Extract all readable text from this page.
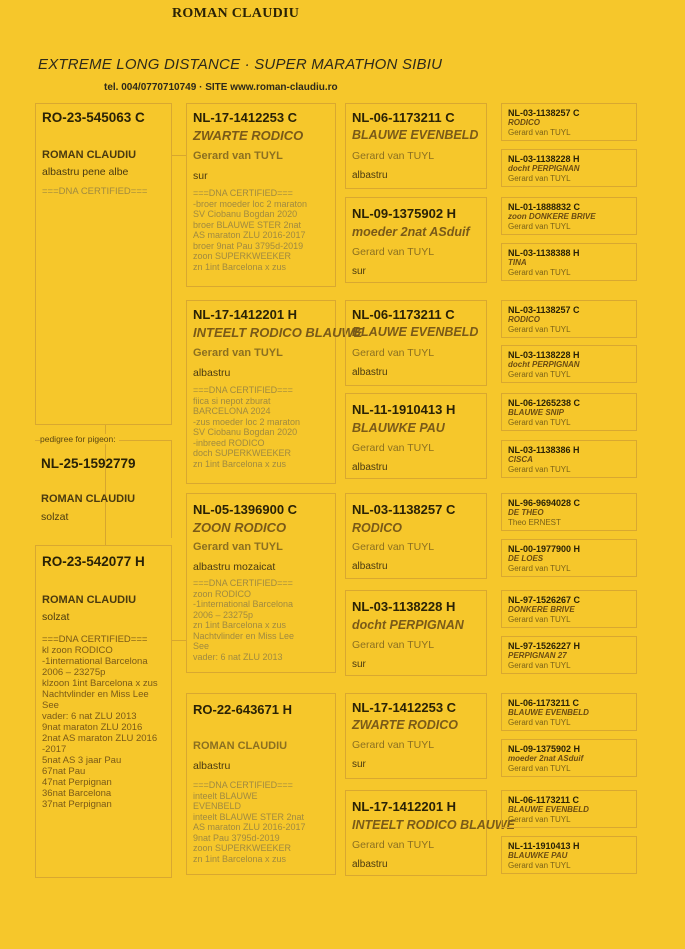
ROMAN CLAUDIU
EXTREME LONG DISTANCE · SUPER MARATHON SIBIU
tel. 004/0770710749 · SITE www.roman-claudiu.ro
RO-23-545063 C
ROMAN CLAUDIU
albastru pene albe
===DNA CERTIFIED===
pedigree for pigeon:
NL-25-1592779
ROMAN CLAUDIU
solzat
RO-23-542077 H
ROMAN CLAUDIU
solzat
===DNA CERTIFIED===
kl zoon RODICO
-1international Barcelona
2006 – 23275p
klzoon 1int Barcelona x zus
Nachtvlinder en Miss Lee
See
vader: 6 nat ZLU 2013
9nat maraton ZLU 2016
2nat AS maraton ZLU 2016
-2017
5nat AS 3 jaar Pau
67nat Pau
47nat Perpignan
36nat Barcelona
37nat Perpignan
NL-17-1412253 C
ZWARTE RODICO
Gerard van TUYL
sur
===DNA CERTIFIED===
-broer moeder loc 2 maraton
SV Ciobanu Bogdan 2020
broer BLAUWE STER 2nat
AS maraton ZLU 2016-2017
broer 9nat Pau 3795d-2019
zoon SUPERKWEEKER
zn 1int Barcelona x zus
NL-17-1412201 H
INTEELT RODICO BLAUWE
Gerard van TUYL
albastru
===DNA CERTIFIED===
fiica si nepot zburat
BARCELONA 2024
-zus moeder loc 2 maraton
SV Ciobanu Bogdan 2020
-inbreed RODICO
doch SUPERKWEEKER
zn 1int Barcelona x zus
NL-05-1396900 C
ZOON RODICO
Gerard van TUYL
albastru mozaicat
===DNA CERTIFIED===
zoon RODICO
-1international Barcelona
2006 – 23275p
zn 1int Barcelona x zus
Nachtvlinder en Miss Lee
See
vader: 6 nat ZLU 2013
RO-22-643671 H
ROMAN CLAUDIU
albastru
===DNA CERTIFIED===
inteelt BLAUWE
EVENBELD
inteelt BLAUWE STER 2nat
AS maraton ZLU 2016-2017
9nat Pau 3795d-2019
zoon SUPERKWEEKER
zn 1int Barcelona x zus
NL-06-1173211 C
BLAUWE EVENBELD
Gerard van TUYL
albastru
NL-09-1375902 H
moeder 2nat ASduif
Gerard van TUYL
sur
NL-06-1173211 C
BLAUWE EVENBELD
Gerard van TUYL
albastru
NL-11-1910413 H
BLAUWKE PAU
Gerard van TUYL
albastru
NL-03-1138257 C
RODICO
Gerard van TUYL
albastru
NL-03-1138228 H
docht PERPIGNAN
Gerard van TUYL
sur
NL-17-1412253 C
ZWARTE RODICO
Gerard van TUYL
sur
NL-17-1412201 H
INTEELT RODICO BLAUWE
Gerard van TUYL
albastru
NL-03-1138257 C
RODICO
Gerard van TUYL
NL-03-1138228 H
docht PERPIGNAN
Gerard van TUYL
NL-01-1888832 C
zoon DONKERE BRIVE
Gerard van TUYL
NL-03-1138388 H
TINA
Gerard van TUYL
NL-03-1138257 C
RODICO
Gerard van TUYL
NL-03-1138228 H
docht PERPIGNAN
Gerard van TUYL
NL-06-1265238 C
BLAUWE SNIP
Gerard van TUYL
NL-03-1138386 H
CISCA
Gerard van TUYL
NL-96-9694028 C
DE THEO
Theo ERNEST
NL-00-1977900 H
DE LOES
Gerard van TUYL
NL-97-1526267 C
DONKERE BRIVE
Gerard van TUYL
NL-97-1526227 H
PERPIGNAN 27
Gerard van TUYL
NL-06-1173211 C
BLAUWE EVENBELD
Gerard van TUYL
NL-09-1375902 H
moeder 2nat ASduif
Gerard van TUYL
NL-06-1173211 C
BLAUWE EVENBELD
Gerard van TUYL
NL-11-1910413 H
BLAUWKE PAU
Gerard van TUYL
